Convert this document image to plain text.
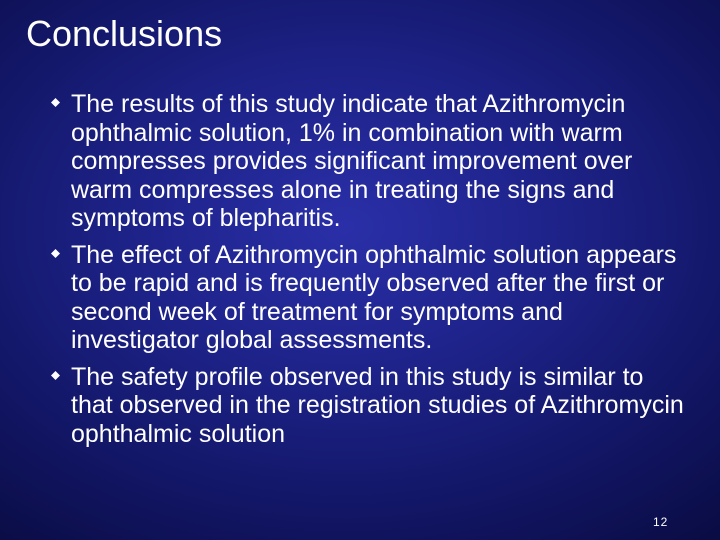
Conclusions
The results of this study indicate that Azithromycin ophthalmic solution, 1% in combination with warm compresses provides significant improvement over warm compresses alone in treating the signs and symptoms of blepharitis.
The effect of Azithromycin ophthalmic solution appears to be rapid and is frequently observed after the first or second week of treatment for symptoms and investigator global assessments.
The safety profile observed in this study is similar to that observed in the registration studies of Azithromycin ophthalmic solution
12
